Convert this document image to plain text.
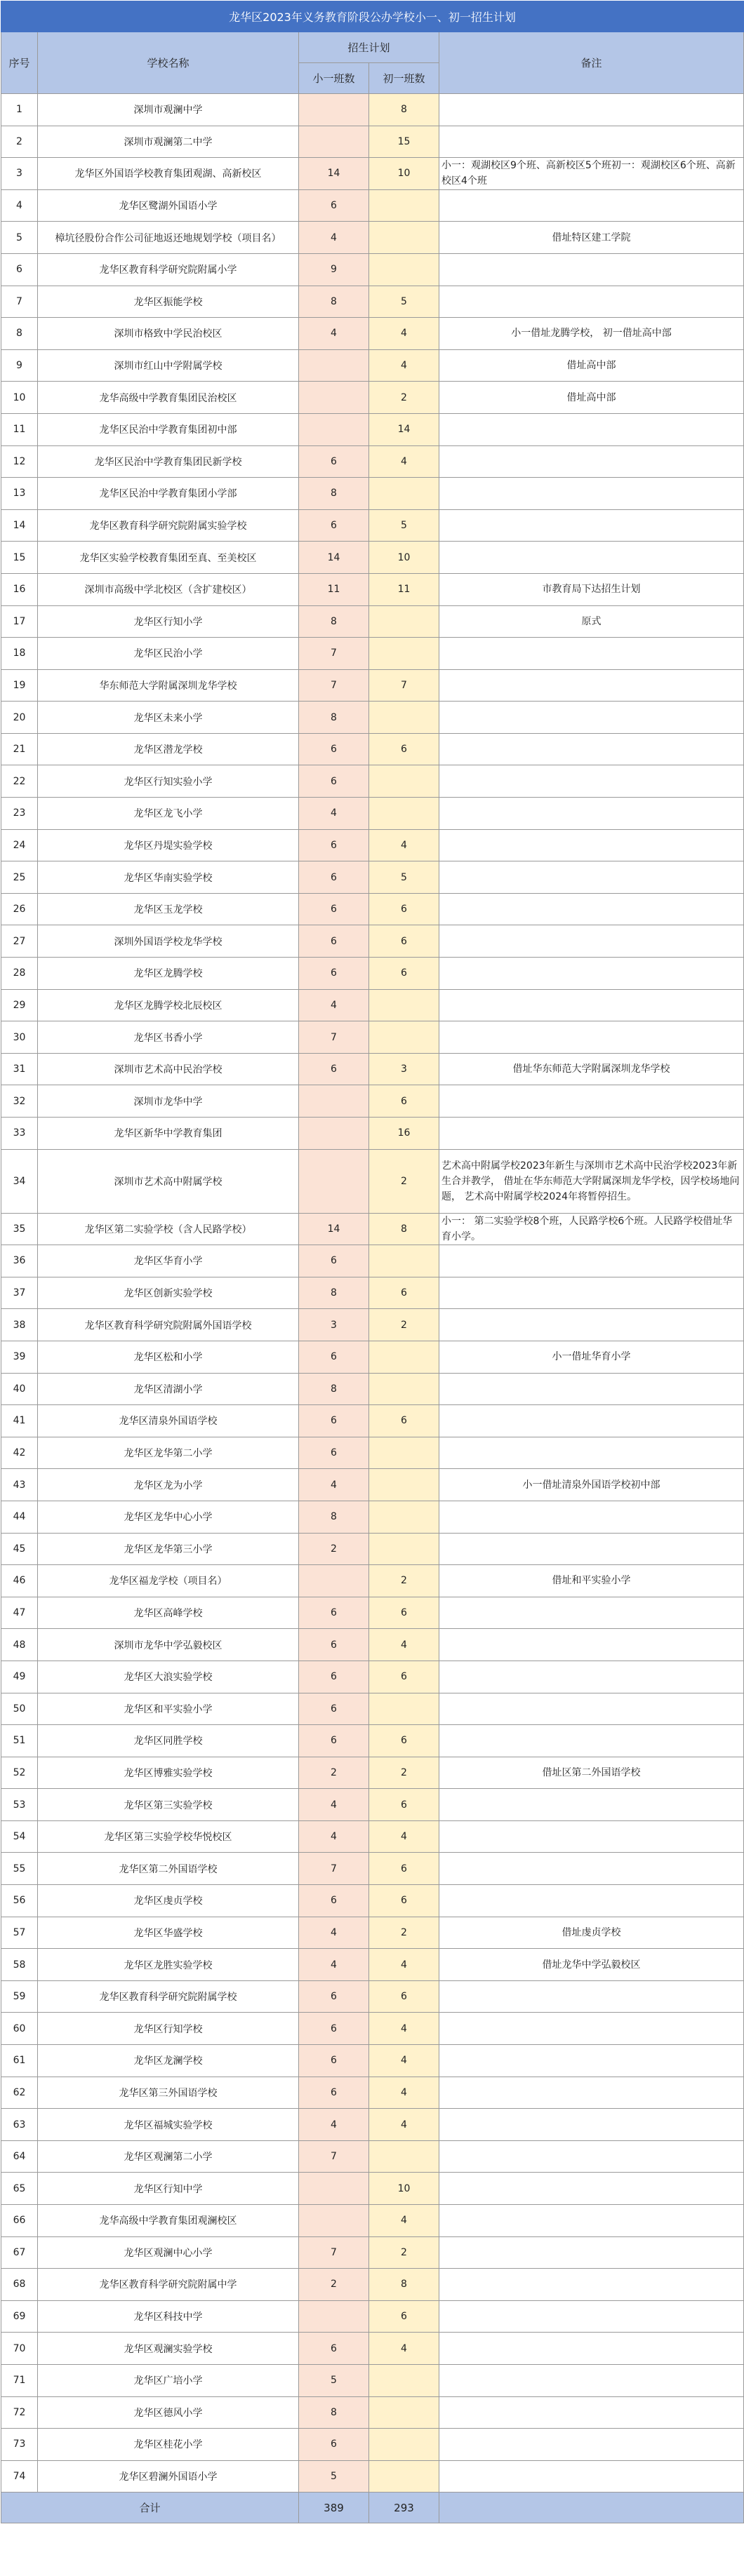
龙华区2023年义务教育阶段公办学校小一、初一招生计划				
序号	学校名称	招生计划		备注
		小一班数	初一班数	
1	深圳市观澜中学		8	
2	深圳市观澜第二中学		15	
3	龙华区外国语学校教育集团观湖、高新校区	14	10	小一：观湖校区9个班、高新校区5个班初一：观湖校区6个班、高新校区4个班
4	龙华区鹭湖外国语小学	6		
5	樟坑径股份合作公司征地返还地规划学校（项目名）	4		借址特区建工学院
6	龙华区教育科学研究院附属小学	9		
7	龙华区振能学校	8	5	
8	深圳市格致中学民治校区	4	4	小一借址龙腾学校， 初一借址高中部
9	深圳市红山中学附属学校		4	借址高中部
10	龙华高级中学教育集团民治校区		2	借址高中部
11	龙华区民治中学教育集团初中部		14	
12	龙华区民治中学教育集团民新学校	6	4	
13	龙华区民治中学教育集团小学部	8		
14	龙华区教育科学研究院附属实验学校	6	5	
15	龙华区实验学校教育集团至真、至美校区	14	10	
16	深圳市高级中学北校区（含扩建校区）	11	11	市教育局下达招生计划
17	龙华区行知小学	8		原式
18	龙华区民治小学	7		
19	华东师范大学附属深圳龙华学校	7	7	
20	龙华区未来小学	8		
21	龙华区潜龙学校	6	6	
22	龙华区行知实验小学	6		
23	龙华区龙飞小学	4		
24	龙华区丹堤实验学校	6	4	
25	龙华区华南实验学校	6	5	
26	龙华区玉龙学校	6	6	
27	深圳外国语学校龙华学校	6	6	
28	龙华区龙腾学校	6	6	
29	龙华区龙腾学校北辰校区	4		
30	龙华区书香小学	7		
31	深圳市艺术高中民治学校	6	3	借址华东师范大学附属深圳龙华学校
32	深圳市龙华中学		6	
33	龙华区新华中学教育集团		16	
34	深圳市艺术高中附属学校		2	艺术高中附属学校2023年新生与深圳市艺术高中民治学校2023年新生合并教学， 借址在华东师范大学附属深圳龙华学校，因学校场地问题， 艺术高中附属学校2024年将暂停招生。
35	龙华区第二实验学校（含人民路学校）	14	8	小一： 第二实验学校8个班，人民路学校6个班。人民路学校借址华育小学。
36	龙华区华育小学	6		
37	龙华区创新实验学校	8	6	
38	龙华区教育科学研究院附属外国语学校	3	2	
39	龙华区松和小学	6		小一借址华育小学
40	龙华区清湖小学	8		
41	龙华区清泉外国语学校	6	6	
42	龙华区龙华第二小学	6		
43	龙华区龙为小学	4		小一借址清泉外国语学校初中部
44	龙华区龙华中心小学	8		
45	龙华区龙华第三小学	2		
46	龙华区福龙学校（项目名）		2	借址和平实验小学
47	龙华区高峰学校	6	6	
48	深圳市龙华中学弘毅校区	6	4	
49	龙华区大浪实验学校	6	6	
50	龙华区和平实验小学	6		
51	龙华区同胜学校	6	6	
52	龙华区博雅实验学校	2	2	借址区第二外国语学校
53	龙华区第三实验学校	4	6	
54	龙华区第三实验学校华悦校区	4	4	
55	龙华区第二外国语学校	7	6	
56	龙华区虔贞学校	6	6	
57	龙华区华盛学校	4	2	借址虔贞学校
58	龙华区龙胜实验学校	4	4	借址龙华中学弘毅校区
59	龙华区教育科学研究院附属学校	6	6	
60	龙华区行知学校	6	4	
61	龙华区龙澜学校	6	4	
62	龙华区第三外国语学校	6	4	
63	龙华区福城实验学校	4	4	
64	龙华区观澜第二小学	7		
65	龙华区行知中学		10	
66	龙华高级中学教育集团观澜校区		4	
67	龙华区观澜中心小学	7	2	
68	龙华区教育科学研究院附属中学	2	8	
69	龙华区科技中学		6	
70	龙华区观澜实验学校	6	4	
71	龙华区广培小学	5		
72	龙华区德风小学	8		
73	龙华区桂花小学	6		
74	龙华区碧澜外国语小学	5		
合计		389	293	
